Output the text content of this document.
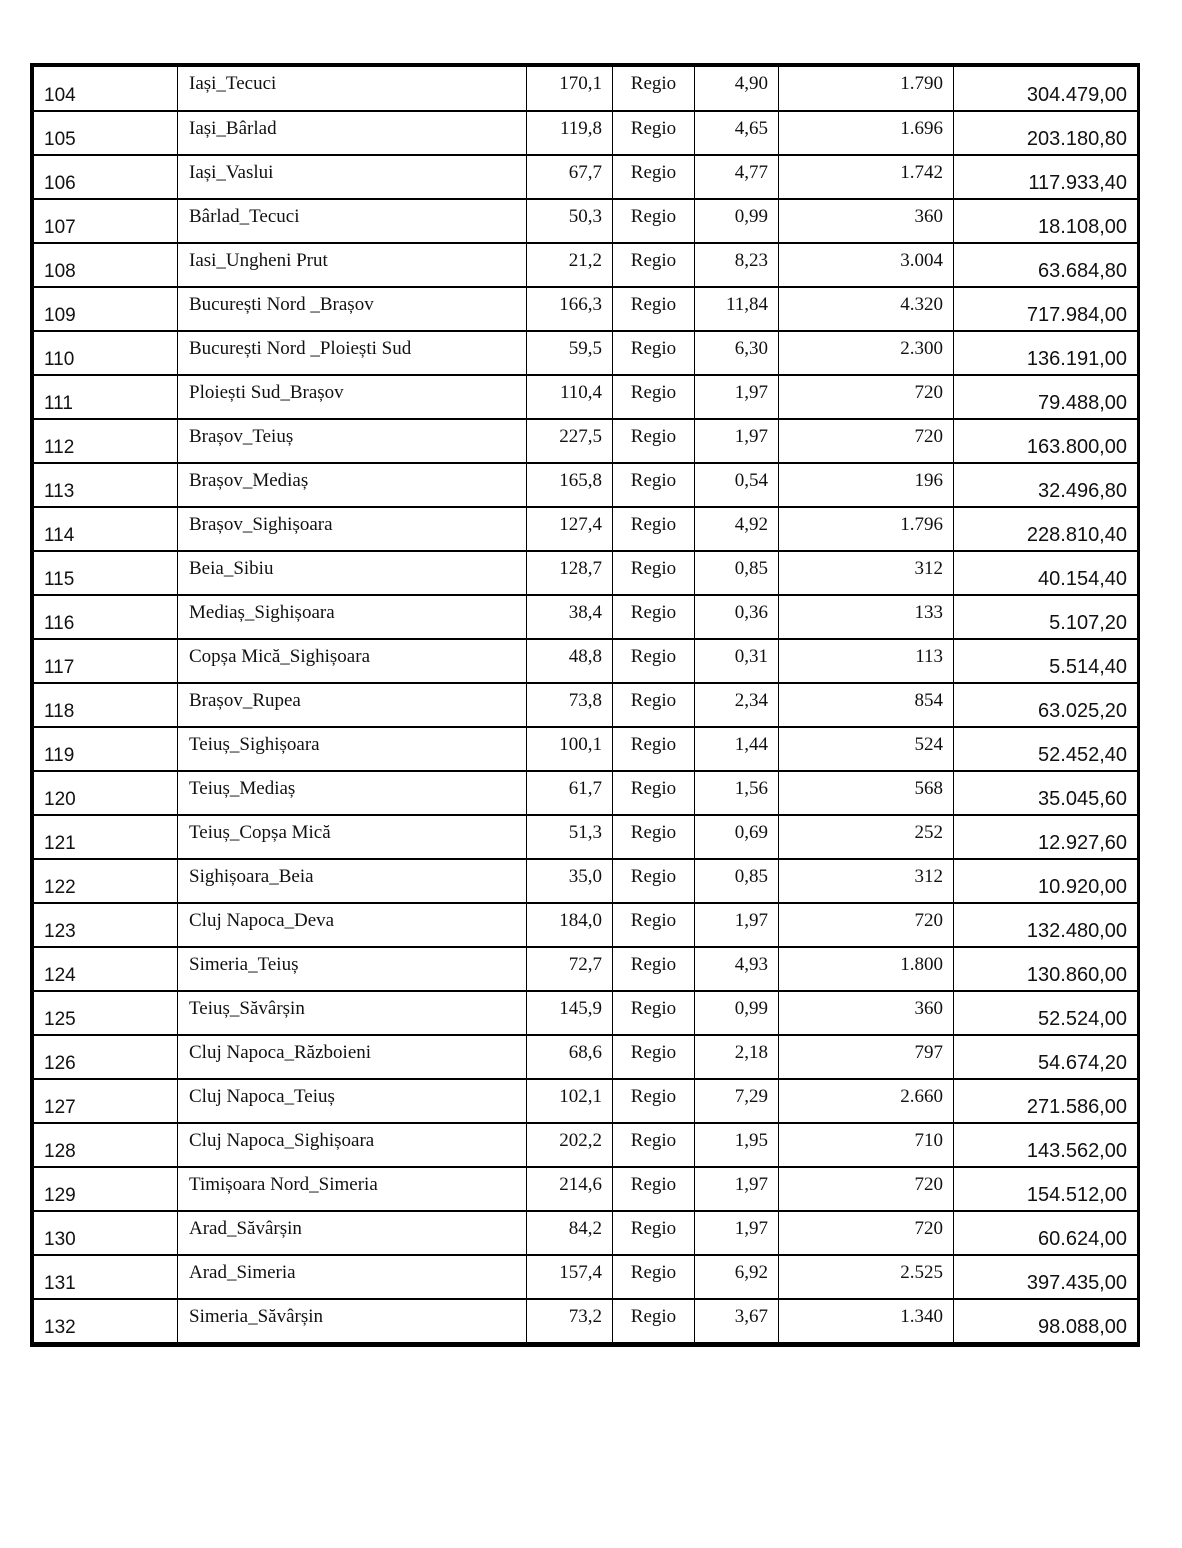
104	Iași_Tecuci	170,1	Regio	4,90	1.790	304.479,00
105	Iași_Bârlad	119,8	Regio	4,65	1.696	203.180,80
106	Iași_Vaslui	67,7	Regio	4,77	1.742	117.933,40
107	Bârlad_Tecuci	50,3	Regio	0,99	360	18.108,00
108	Iasi_Ungheni Prut	21,2	Regio	8,23	3.004	63.684,80
109	București Nord _Brașov	166,3	Regio	11,84	4.320	717.984,00
110	București Nord _Ploiești Sud	59,5	Regio	6,30	2.300	136.191,00
111	Ploiești Sud_Brașov	110,4	Regio	1,97	720	79.488,00
112	Brașov_Teiuș	227,5	Regio	1,97	720	163.800,00
113	Brașov_Mediaș	165,8	Regio	0,54	196	32.496,80
114	Brașov_Sighișoara	127,4	Regio	4,92	1.796	228.810,40
115	Beia_Sibiu	128,7	Regio	0,85	312	40.154,40
116	Mediaș_Sighișoara	38,4	Regio	0,36	133	5.107,20
117	Copșa Mică_Sighișoara	48,8	Regio	0,31	113	5.514,40
118	Brașov_Rupea	73,8	Regio	2,34	854	63.025,20
119	Teiuș_Sighișoara	100,1	Regio	1,44	524	52.452,40
120	Teiuș_Mediaș	61,7	Regio	1,56	568	35.045,60
121	Teiuș_Copșa Mică	51,3	Regio	0,69	252	12.927,60
122	Sighișoara_Beia	35,0	Regio	0,85	312	10.920,00
123	Cluj Napoca_Deva	184,0	Regio	1,97	720	132.480,00
124	Simeria_Teiuș	72,7	Regio	4,93	1.800	130.860,00
125	Teiuș_Săvârșin	145,9	Regio	0,99	360	52.524,00
126	Cluj Napoca_Războieni	68,6	Regio	2,18	797	54.674,20
127	Cluj Napoca_Teiuș	102,1	Regio	7,29	2.660	271.586,00
128	Cluj Napoca_Sighișoara	202,2	Regio	1,95	710	143.562,00
129	Timișoara Nord_Simeria	214,6	Regio	1,97	720	154.512,00
130	Arad_Săvârșin	84,2	Regio	1,97	720	60.624,00
131	Arad_Simeria	157,4	Regio	6,92	2.525	397.435,00
132	Simeria_Săvârșin	73,2	Regio	3,67	1.340	98.088,00
